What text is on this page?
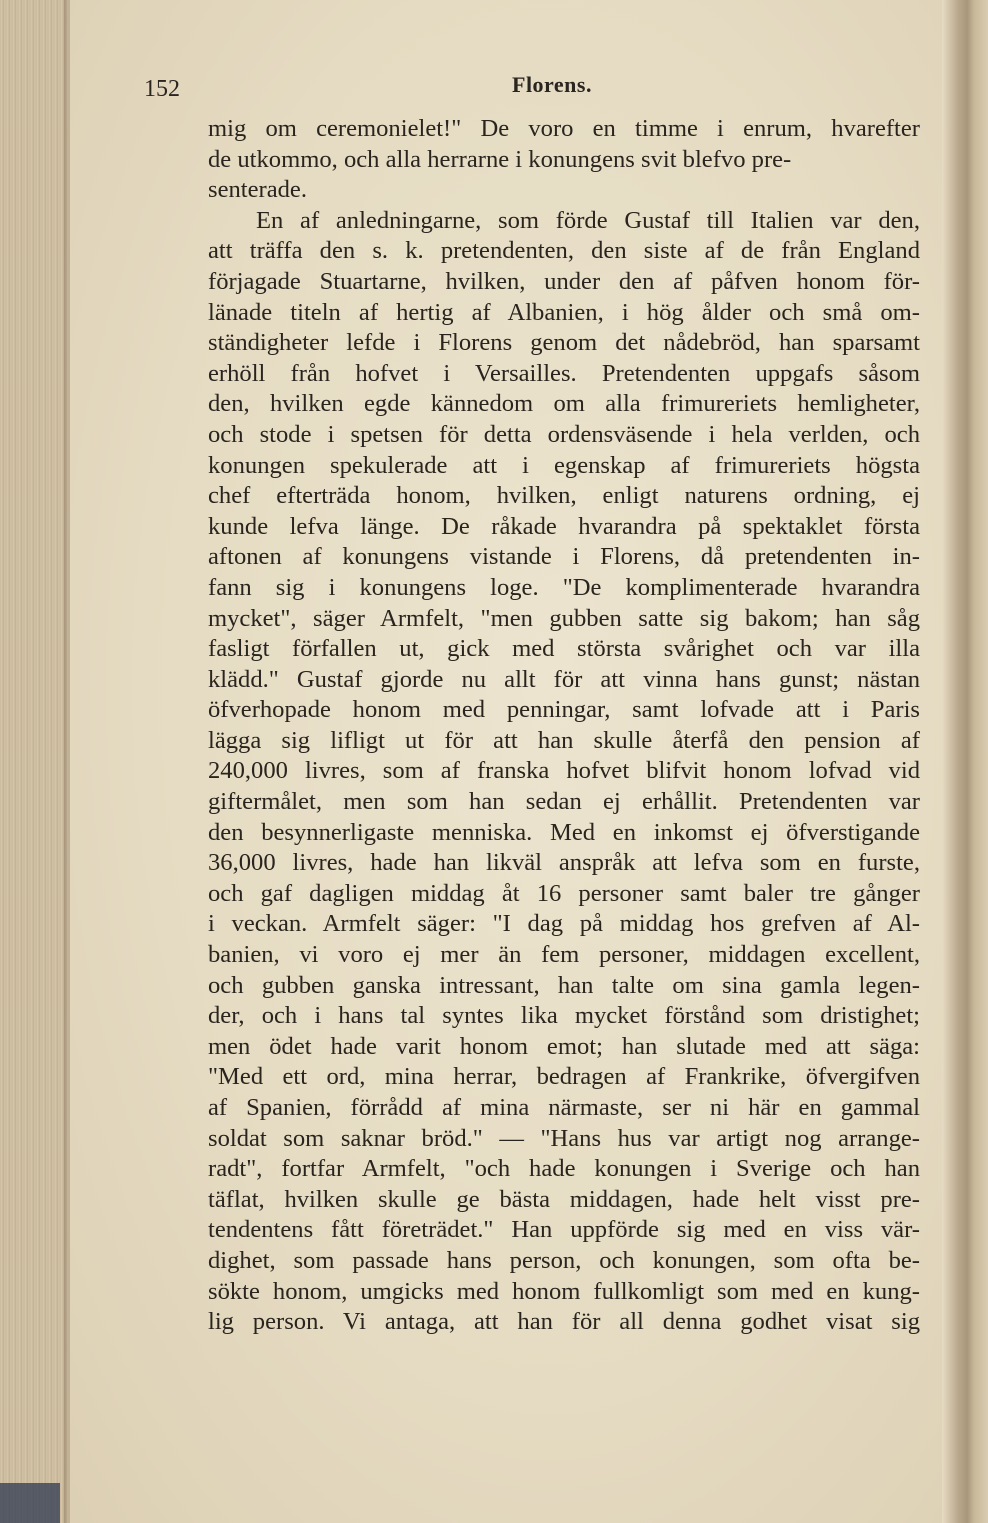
152	Florens.
mig om ceremonielet!" De voro en timme i enrum, hvarefter
de utkommo, och alla herrarne i konungens svit blefvo pre-
senterade.
En af anledningarne, som förde Gustaf till Italien var den,
att träffa den s. k. pretendenten, den siste af de från England
förjagade Stuartarne, hvilken, under den af påfven honom för-
länade titeln af hertig af Albanien, i hög ålder och små om-
ständigheter lefde i Florens genom det nådebröd, han sparsamt
erhöll från hofvet i Versailles. Pretendenten uppgafs såsom
den, hvilken egde kännedom om alla frimureriets hemligheter,
och stode i spetsen för detta ordensväsende i hela verlden, och
konungen spekulerade att i egenskap af frimureriets högsta
chef efterträda honom, hvilken, enligt naturens ordning, ej
kunde lefva länge. De råkade hvarandra på spektaklet första
aftonen af konungens vistande i Florens, då pretendenten in-
fann sig i konungens loge. "De komplimenterade hvarandra
mycket", säger Armfelt, "men gubben satte sig bakom; han såg
fasligt förfallen ut, gick med största svårighet och var illa
klädd." Gustaf gjorde nu allt för att vinna hans gunst; nästan
öfverhopade honom med penningar, samt lofvade att i Paris
lägga sig lifligt ut för att han skulle återfå den pension af
240,000 livres, som af franska hofvet blifvit honom lofvad vid
giftermålet, men som han sedan ej erhållit. Pretendenten var
den besynnerligaste menniska. Med en inkomst ej öfverstigande
36,000 livres, hade han likväl anspråk att lefva som en furste,
och gaf dagligen middag åt 16 personer samt baler tre gånger
i veckan. Armfelt säger: "I dag på middag hos grefven af Al-
banien, vi voro ej mer än fem personer, middagen excellent,
och gubben ganska intressant, han talte om sina gamla legen-
der, och i hans tal syntes lika mycket förstånd som dristighet;
men ödet hade varit honom emot; han slutade med att säga:
"Med ett ord, mina herrar, bedragen af Frankrike, öfvergifven
af Spanien, förrådd af mina närmaste, ser ni här en gammal
soldat som saknar bröd." — "Hans hus var artigt nog arrange-
radt", fortfar Armfelt, "och hade konungen i Sverige och han
täflat, hvilken skulle ge bästa middagen, hade helt visst pre-
tendentens fått företrädet." Han uppförde sig med en viss vär-
dighet, som passade hans person, och konungen, som ofta be-
sökte honom, umgicks med honom fullkomligt som med en kung-
lig person. Vi antaga, att han för all denna godhet visat sig
